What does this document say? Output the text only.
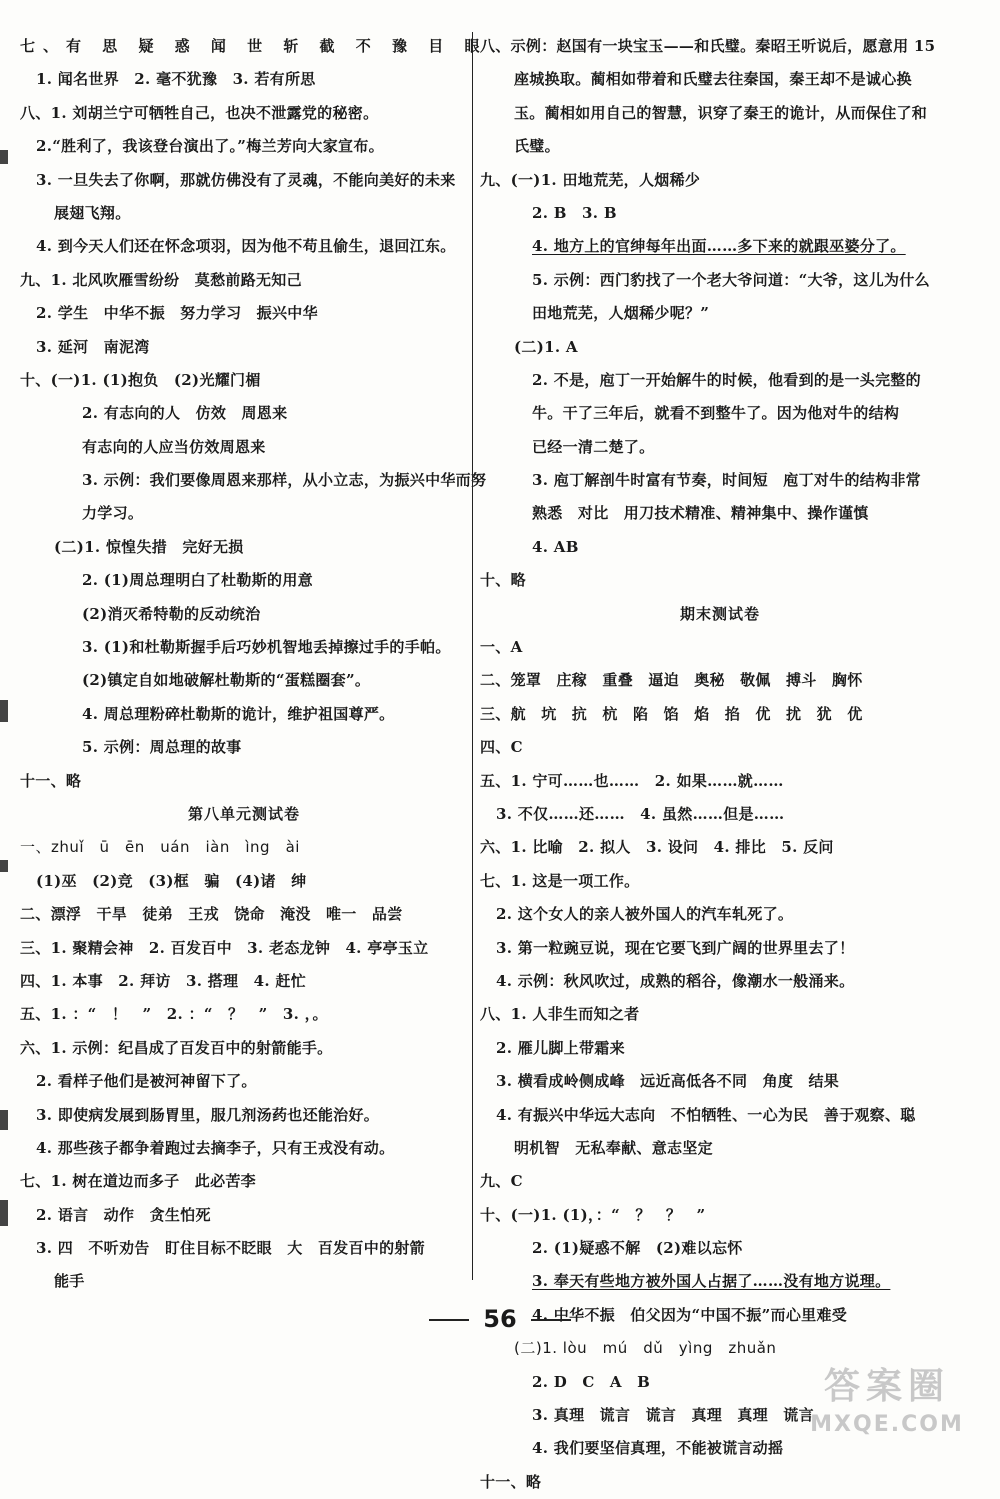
七、有 思 疑 惑 闻 世 斩 截 不 豫 目 眼
1. 闻名世界　2. 毫不犹豫　3. 若有所思
八、1. 刘胡兰宁可牺牲自己，也决不泄露党的秘密。
2.“胜利了，我该登台演出了。”梅兰芳向大家宣布。
3. 一旦失去了你啊，那就仿佛没有了灵魂，不能向美好的未来
展翅飞翔。
4. 到今天人们还在怀念项羽，因为他不苟且偷生，退回江东。
九、1. 北风吹雁雪纷纷　莫愁前路无知己
2. 学生　中华不振　努力学习　振兴中华
3. 延河　南泥湾
十、(一)1. (1)抱负　(2)光耀门楣
2. 有志向的人　仿效　周恩来
有志向的人应当仿效周恩来
3. 示例：我们要像周恩来那样，从小立志，为振兴中华而努
力学习。
(二)1. 惊惶失措　完好无损
2. (1)周总理明白了杜勒斯的用意
(2)消灭希特勒的反动统治
3. (1)和杜勒斯握手后巧妙机智地丢掉擦过手的手帕。
(2)镇定自如地破解杜勒斯的“蛋糕圈套”。
4. 周总理粉碎杜勒斯的诡计，维护祖国尊严。
5. 示例：周总理的故事
十一、略
第八单元测试卷
一、zhuǐ　ū　ēn　uán　iàn　ìng　ài
(1)巫　(2)竞　(3)框　骗　(4)诸　绅
二、漂浮　干旱　徒弟　王戎　饶命　淹没　唯一　品尝
三、1. 聚精会神　2. 百发百中　3. 老态龙钟　4. 亭亭玉立
四、1. 本事　2. 拜访　3. 搭理　4. 赶忙
五、1. ：“　！　”　2. ：“　？　”　3. ，。
六、1. 示例：纪昌成了百发百中的射箭能手。
2. 看样子他们是被河神留下了。
3. 即使病发展到肠胃里，服几剂汤药也还能治好。
4. 那些孩子都争着跑过去摘李子，只有王戎没有动。
七、1. 树在道边而多子　此必苦李
2. 语言　动作　贪生怕死
3. 四　不听劝告　盯住目标不眨眼　大　百发百中的射箭
能手
八、示例：赵国有一块宝玉——和氏璧。秦昭王听说后，愿意用 15
座城换取。蔺相如带着和氏璧去往秦国，秦王却不是诚心换
玉。蔺相如用自己的智慧，识穿了秦王的诡计，从而保住了和
氏璧。
九、(一)1. 田地荒芜，人烟稀少
2. B　3. B
4. 地方上的官绅每年出面……多下来的就跟巫婆分了。
5. 示例：西门豹找了一个老大爷问道：“大爷，这儿为什么
田地荒芜，人烟稀少呢？”
(二)1. A
2. 不是，庖丁一开始解牛的时候，他看到的是一头完整的
牛。干了三年后，就看不到整牛了。因为他对牛的结构
已经一清二楚了。
3. 庖丁解剖牛时富有节奏，时间短　庖丁对牛的结构非常
熟悉　对比　用刀技术精准、精神集中、操作谨慎
4. AB
十、略
期末测试卷
一、A
二、笼罩　庄稼　重叠　逼迫　奥秘　敬佩　搏斗　胸怀
三、航　坑　抗　杭　陷　馅　焰　掐　优　扰　犹　优
四、C
五、1. 宁可……也……　2. 如果……就……
3. 不仅……还……　4. 虽然……但是……
六、1. 比喻　2. 拟人　3. 设问　4. 排比　5. 反问
七、1. 这是一项工作。
2. 这个女人的亲人被外国人的汽车轧死了。
3. 第一粒豌豆说，现在它要飞到广阔的世界里去了！
4. 示例：秋风吹过，成熟的稻谷，像潮水一般涌来。
八、1. 人非生而知之者
2. 雁儿脚上带霜来
3. 横看成岭侧成峰　远近高低各不同　角度　结果
4. 有振兴中华远大志向　不怕牺牲、一心为民　善于观察、聪
明机智　无私奉献、意志坚定
九、C
十、(一)1. (1)，：“　？　？　”
2. (1)疑惑不解　(2)难以忘怀
3. 奉天有些地方被外国人占据了……没有地方说理。
4. 中华不振　伯父因为“中国不振”而心里难受
(二)1. lòu　mú　dǔ　yìng　zhuǎn
2. D　C　A　B
3. 真理　谎言　谎言　真理　真理　谎言
4. 我们要坚信真理，不能被谎言动摇
十一、略
56
答案圈
MXQE.COM
